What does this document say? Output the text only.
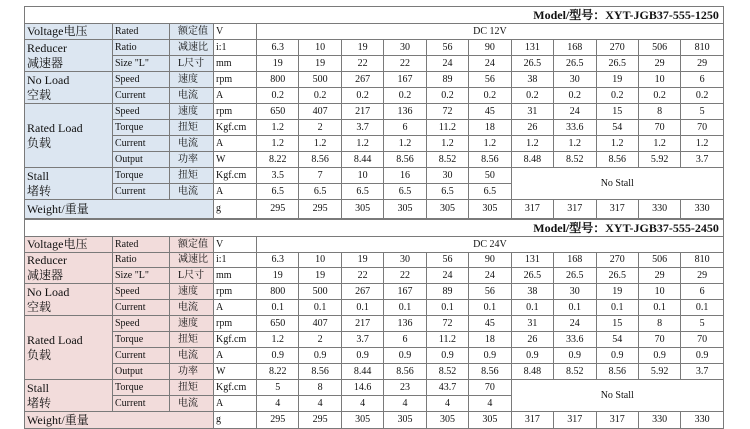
Model/型号：XYT-JGB37-555-1250														
Voltage电压	Rated	额定值	V	DC 12V										
Reducer
减速器	Ratio	减速比	i:1	6.3	10	19	30	56	90	131	168	270	506	810
	Size "L"	L尺寸	mm	19	19	22	22	24	24	26.5	26.5	26.5	29	29
No Load
空载	Speed	速度	rpm	800	500	267	167	89	56	38	30	19	10	6
	Current	电流	A	0.2	0.2	0.2	0.2	0.2	0.2	0.2	0.2	0.2	0.2	0.2
Rated Load
负载	Speed	速度	rpm	650	407	217	136	72	45	31	24	15	8	5
	Torque	扭矩	Kgf.cm	1.2	2	3.7	6	11.2	18	26	33.6	54	70	70
	Current	电流	A	1.2	1.2	1.2	1.2	1.2	1.2	1.2	1.2	1.2	1.2	1.2
	Output	功率	W	8.22	8.56	8.44	8.56	8.52	8.56	8.48	8.52	8.56	5.92	3.7
Stall
堵转	Torque	扭矩	Kgf.cm	3.5	7	10	16	30	50	No Stall				
	Current	电流	A	6.5	6.5	6.5	6.5	6.5	6.5					
Weight/重量			g	295	295	305	305	305	305	317	317	317	330	330
Model/型号：XYT-JGB37-555-2450														
Voltage电压	Rated	额定值	V	DC 24V										
Reducer
减速器	Ratio	减速比	i:1	6.3	10	19	30	56	90	131	168	270	506	810
	Size "L"	L尺寸	mm	19	19	22	22	24	24	26.5	26.5	26.5	29	29
No Load
空载	Speed	速度	rpm	800	500	267	167	89	56	38	30	19	10	6
	Current	电流	A	0.1	0.1	0.1	0.1	0.1	0.1	0.1	0.1	0.1	0.1	0.1
Rated Load
负载	Speed	速度	rpm	650	407	217	136	72	45	31	24	15	8	5
	Torque	扭矩	Kgf.cm	1.2	2	3.7	6	11.2	18	26	33.6	54	70	70
	Current	电流	A	0.9	0.9	0.9	0.9	0.9	0.9	0.9	0.9	0.9	0.9	0.9
	Output	功率	W	8.22	8.56	8.44	8.56	8.52	8.56	8.48	8.52	8.56	5.92	3.7
Stall
堵转	Torque	扭矩	Kgf.cm	5	8	14.6	23	43.7	70	No Stall				
	Current	电流	A	4	4	4	4	4	4					
Weight/重量			g	295	295	305	305	305	305	317	317	317	330	330
